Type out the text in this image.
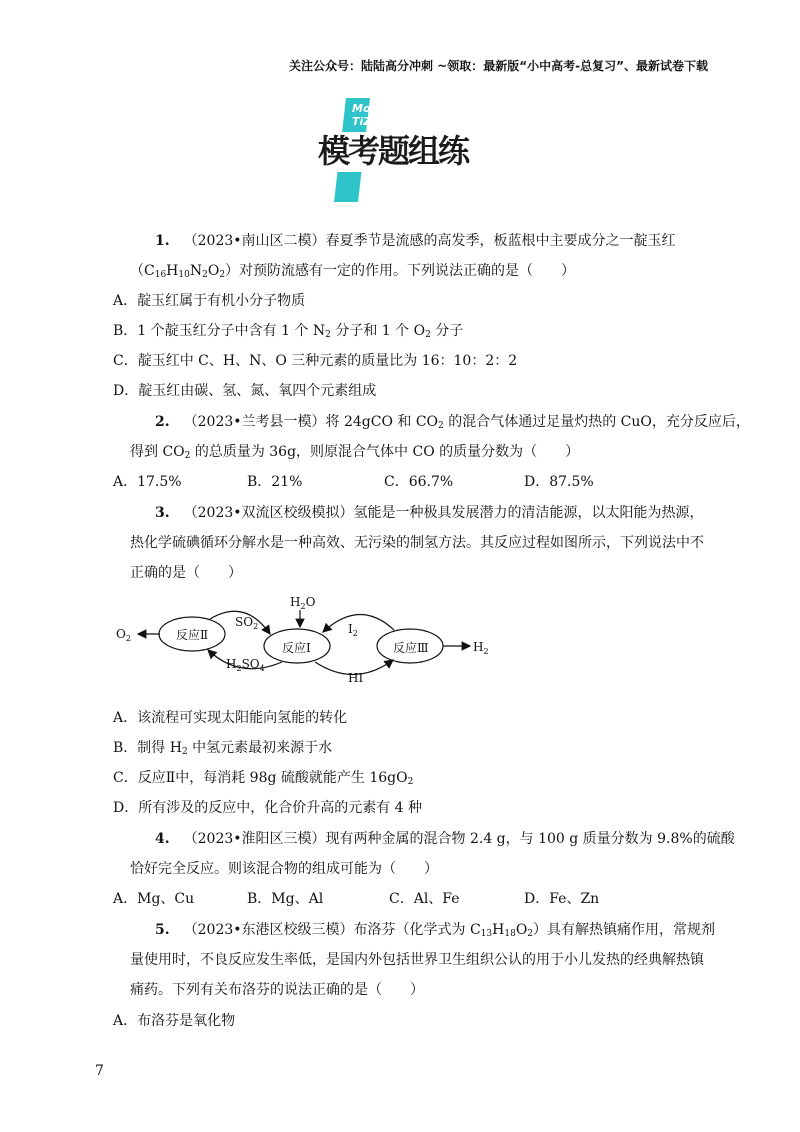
关注公众号：陆陆高分冲刺 ~领取：最新版“小中高考-总复习”、最新试卷下载
MoKao
TiZuLian
模考题组练
1. （2023•南山区二模）春夏季节是流感的高发季，板蓝根中主要成分之一靛玉红
$(C_{16}H_{10}N_2O_2)$对预防流感有一定的作用。下列说法正确的是（　　）
A．靛玉红属于有机小分子物质
B．1 个靛玉红分子中含有 1 个 $N_2$ 分子和 1 个 $O_2$ 分子
C．靛玉红中 C、H、N、O 三种元素的质量比为 16：10：2：2
D．靛玉红由碳、氢、氮、氧四个元素组成
2. （2023•兰考县一模）将 24gCO 和 $CO_2$ 的混合气体通过足量灼热的 CuO，充分反应后，
得到 $CO_2$ 的总质量为 36g，则原混合气体中 CO 的质量分数为（　　）
A．17.5%	B．21%	C．66.7%	D．87.5%
3. （2023•双流区校级模拟）氢能是一种极具发展潜力的清洁能源，以太阳能为热源，
热化学硫碘循环分解水是一种高效、无污染的制氢方法。其反应过程如图所示，下列说法中不
正确的是（　　）
$O_2$	反应Ⅱ
反应Ⅰ	反应Ⅲ
$H_2O$
$SO_2$
$H_2SO_4$
$I_2$
HI
$H_2$
A．该流程可实现太阳能向氢能的转化
B．制得 $H_2$ 中氢元素最初来源于水
C．反应Ⅱ中，每消耗 98g 硫酸就能产生 $16gO_2$
D．所有涉及的反应中，化合价升高的元素有 4 种
4. （2023•淮阳区三模）现有两种金属的混合物 2.4 g，与 100 g 质量分数为 9.8%的硫酸
恰好完全反应。则该混合物的组成可能为（　　）
A．Mg、Cu	B．Mg、Al	C．Al、Fe	D．Fe、Zn
5. （2023•东港区校级三模）布洛芬（化学式为 $C_{13}H_{18}O_2$）具有解热镇痛作用，常规剂
量使用时，不良反应发生率低，是国内外包括世界卫生组织公认的用于小儿发热的经典解热镇
痛药。下列有关布洛芬的说法正确的是（　　）
A．布洛芬是氧化物
7
